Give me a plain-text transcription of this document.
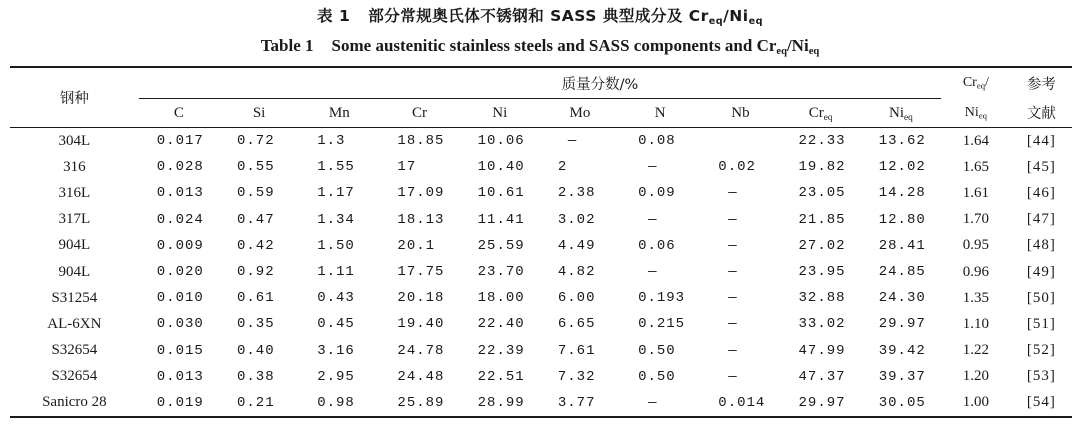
表 1 部分常规奥氏体不锈钢和 SASS 典型成分及 $Cr_{eq}/Ni_{eq}$
Table 1 Some austenitic stainless steels and SASS components and $Cr_{eq}/Ni_{eq}$
钢种	质量分数/%										$Cr_{eq}/$	参考
	C	Si	Mn	Cr	Ni	Mo	N	Nb	$Cr_{eq}$	$Ni_{eq}$	$Ni_{eq}$	文献
304L	0.017	0.72	1.3	18.85	10.06	—	0.08		22.33	13.62	1.64	[44]
316	0.028	0.55	1.55	17	10.40	2	—	0.02	19.82	12.02	1.65	[45]
316L	0.013	0.59	1.17	17.09	10.61	2.38	0.09	—	23.05	14.28	1.61	[46]
317L	0.024	0.47	1.34	18.13	11.41	3.02	—	—	21.85	12.80	1.70	[47]
904L	0.009	0.42	1.50	20.1	25.59	4.49	0.06	—	27.02	28.41	0.95	[48]
904L	0.020	0.92	1.11	17.75	23.70	4.82	—	—	23.95	24.85	0.96	[49]
S31254	0.010	0.61	0.43	20.18	18.00	6.00	0.193	—	32.88	24.30	1.35	[50]
AL-6XN	0.030	0.35	0.45	19.40	22.40	6.65	0.215	—	33.02	29.97	1.10	[51]
S32654	0.015	0.40	3.16	24.78	22.39	7.61	0.50	—	47.99	39.42	1.22	[52]
S32654	0.013	0.38	2.95	24.48	22.51	7.32	0.50	—	47.37	39.37	1.20	[53]
Sanicro 28	0.019	0.21	0.98	25.89	28.99	3.77	—	0.014	29.97	30.05	1.00	[54]
